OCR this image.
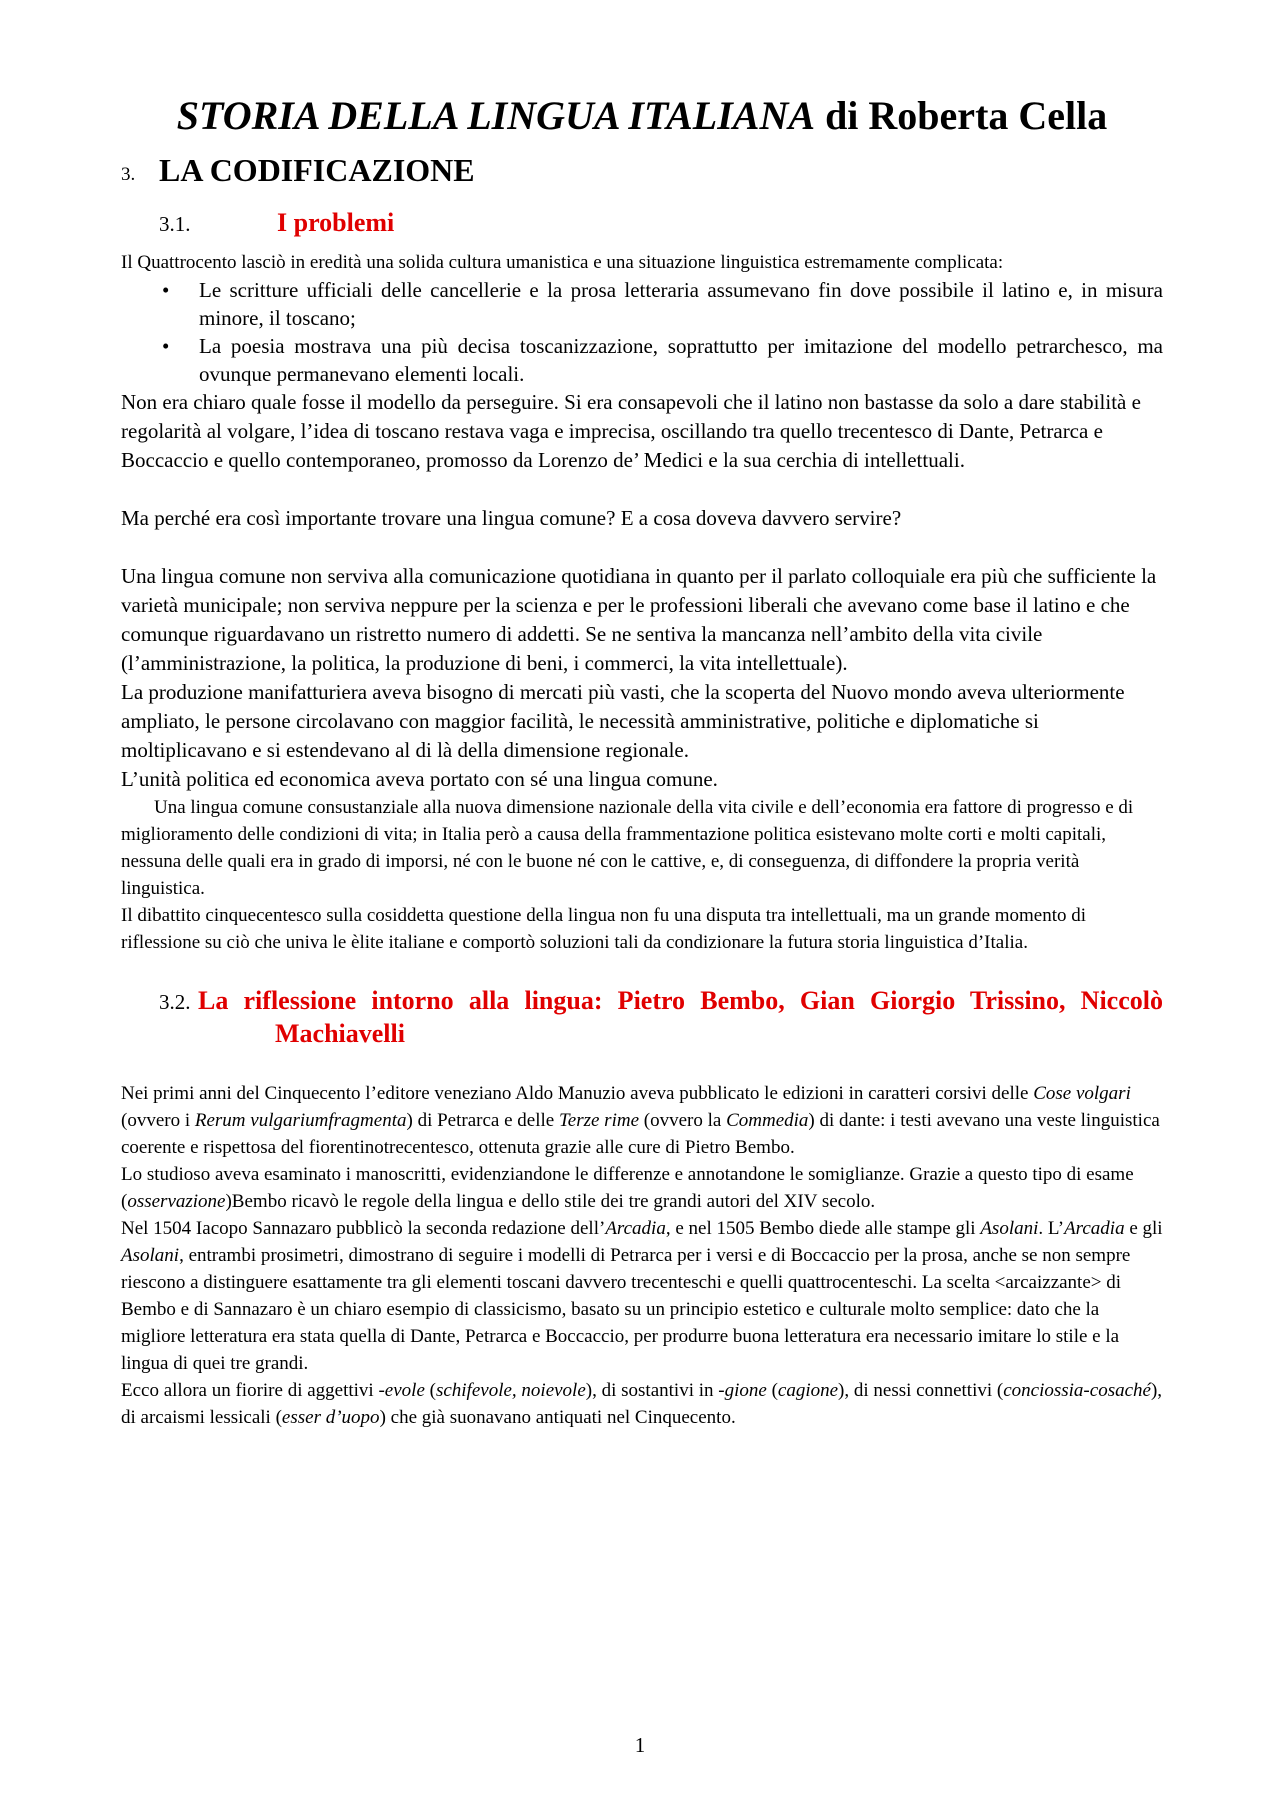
STORIA DELLA LINGUA ITALIANA di Roberta Cella
3. LA CODIFICAZIONE
3.1.	I problemi

Il Quattrocento lasciò in eredità una solida cultura umanistica e una situazione linguistica estremamente complicata:

• Le scritture ufficiali delle cancellerie e la prosa letteraria assumevano fin dove possibile il latino e, in misura minore, il toscano;
• La poesia mostrava una più decisa toscanizzazione, soprattutto per imitazione del modello petrarchesco, ma ovunque permanevano elementi locali.

Non era chiaro quale fosse il modello da perseguire. Si era consapevoli che il latino non bastasse da solo a dare stabilità e regolarità al volgare, l’idea di toscano restava vaga e imprecisa, oscillando tra quello trecentesco di Dante, Petrarca e Boccaccio e quello contemporaneo, promosso da Lorenzo de’ Medici e la sua cerchia di intellettuali.

Ma perché era così importante trovare una lingua comune? E a cosa doveva davvero servire?

Una lingua comune non serviva alla comunicazione quotidiana in quanto per il parlato colloquiale era più che sufficiente la varietà municipale; non serviva neppure per la scienza e per le professioni liberali che avevano come base il latino e che comunque riguardavano un ristretto numero di addetti. Se ne sentiva la mancanza nell’ambito della vita civile (l’amministrazione, la politica, la produzione di beni, i commerci, la vita intellettuale).

La produzione manifatturiera aveva bisogno di mercati più vasti, che la scoperta del Nuovo mondo aveva ulteriormente ampliato, le persone circolavano con maggior facilità, le necessità amministrative, politiche e diplomatiche si moltiplicavano e si estendevano al di là della dimensione regionale.

L’unità politica ed economica aveva portato con sé una lingua comune.

Una lingua comune consustanziale alla nuova dimensione nazionale della vita civile e dell’economia era fattore di progresso e di miglioramento delle condizioni di vita; in Italia però a causa della frammentazione politica esistevano molte corti e molti capitali, nessuna delle quali era in grado di imporsi, né con le buone né con le cattive, e, di conseguenza, di diffondere la propria verità linguistica.

Il dibattito cinquecentesco sulla cosiddetta questione della lingua non fu una disputa tra intellettuali, ma un grande momento di riflessione su ciò che univa le èlite italiane e comportò soluzioni tali da condizionare la futura storia linguistica d’Italia.

3.2. La riflessione intorno alla lingua: Pietro Bembo, Gian Giorgio Trissino, Niccolò Machiavelli

Nei primi anni del Cinquecento l’editore veneziano Aldo Manuzio aveva pubblicato le edizioni in caratteri corsivi delle Cose volgari (ovvero i Rerum vulgariumfragmenta) di Petrarca e delle Terze rime (ovvero la Commedia) di dante: i testi avevano una veste linguistica coerente e rispettosa del fiorentinotrecentesco, ottenuta grazie alle cure di Pietro Bembo.

Lo studioso aveva esaminato i manoscritti, evidenziandone le differenze e annotandone le somiglianze. Grazie a questo tipo di esame (osservazione)Bembo ricavò le regole della lingua e dello stile dei tre grandi autori del XIV secolo.

Nel 1504 Iacopo Sannazaro pubblicò la seconda redazione dell’Arcadia, e nel 1505 Bembo diede alle stampe gli Asolani. L’Arcadia e gli Asolani, entrambi prosimetri, dimostrano di seguire i modelli di Petrarca per i versi e di Boccaccio per la prosa, anche se non sempre riescono a distinguere esattamente tra gli elementi toscani davvero trecenteschi e quelli quattrocenteschi. La scelta <arcaizzante> di Bembo e di Sannazaro è un chiaro esempio di classicismo, basato su un principio estetico e culturale molto semplice: dato che la migliore letteratura era stata quella di Dante, Petrarca e Boccaccio, per produrre buona letteratura era necessario imitare lo stile e la lingua di quei tre grandi.

Ecco allora un fiorire di aggettivi -evole (schifevole, noievole), di sostantivi in -gione (cagione), di nessi connettivi (conciossia-cosaché), di arcaismi lessicali (esser d’uopo) che già suonavano antiquati nel Cinquecento.

1
